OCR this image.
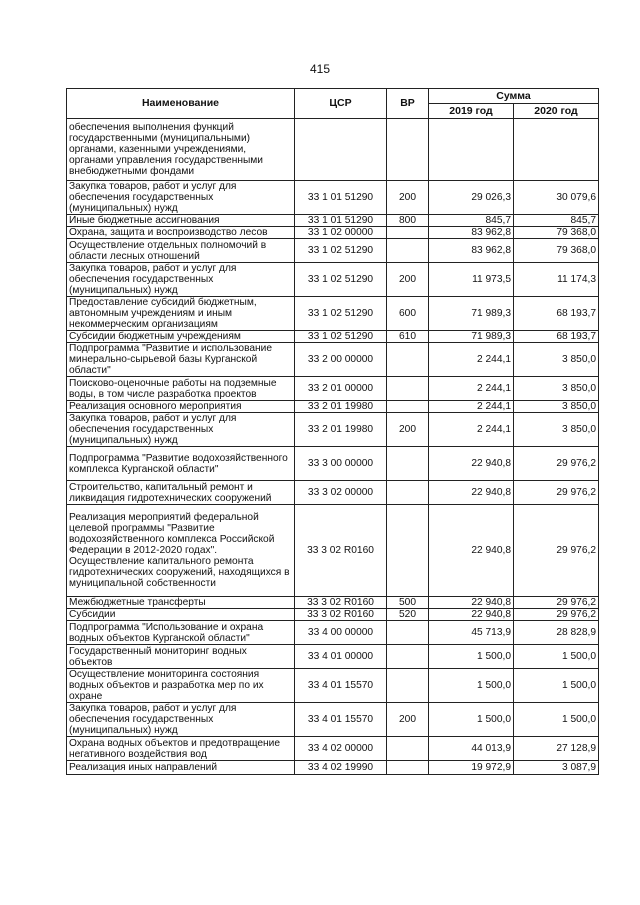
415
Наименование	ЦСР	ВР	Сумма	
			2019 год	2020 год
обеспечения выполнения функций государственными (муниципальными) органами, казенными учреждениями, органами управления государственными внебюджетными фондами				
Закупка товаров, работ и услуг для обеспечения государственных (муниципальных) нужд	33 1 01 51290	200	29 026,3	30 079,6
Иные бюджетные ассигнования	33 1 01 51290	800	845,7	845,7
Охрана, защита и воспроизводство лесов	33 1 02 00000		83 962,8	79 368,0
Осуществление отдельных полномочий в области лесных отношений	33 1 02 51290		83 962,8	79 368,0
Закупка товаров, работ и услуг для обеспечения государственных (муниципальных) нужд	33 1 02 51290	200	11 973,5	11 174,3
Предоставление субсидий бюджетным, автономным учреждениям и иным некоммерческим организациям	33 1 02 51290	600	71 989,3	68 193,7
Субсидии бюджетным учреждениям	33 1 02 51290	610	71 989,3	68 193,7
Подпрограмма "Развитие и использование минерально-сырьевой базы Курганской области"	33 2 00 00000		2 244,1	3 850,0
Поисково-оценочные работы на подземные воды, в том числе разработка проектов	33 2 01 00000		2 244,1	3 850,0
Реализация основного мероприятия	33 2 01 19980		2 244,1	3 850,0
Закупка товаров, работ и услуг для обеспечения государственных (муниципальных) нужд	33 2 01 19980	200	2 244,1	3 850,0
Подпрограмма "Развитие водохозяйственного комплекса Курганской области"	33 3 00 00000		22 940,8	29 976,2
Строительство, капитальный ремонт и ликвидация гидротехнических сооружений	33 3 02 00000		22 940,8	29 976,2
Реализация мероприятий федеральной целевой программы "Развитие водохозяйственного комплекса Российской Федерации в 2012-2020 годах". Осуществление капитального ремонта гидротехнических сооружений, находящихся в муниципальной собственности	33 3 02 R0160		22 940,8	29 976,2
Межбюджетные трансферты	33 3 02 R0160	500	22 940,8	29 976,2
Субсидии	33 3 02 R0160	520	22 940,8	29 976,2
Подпрограмма "Использование и охрана водных объектов Курганской области"	33 4 00 00000		45 713,9	28 828,9
Государственный мониторинг водных объектов	33 4 01 00000		1 500,0	1 500,0
Осуществление мониторинга состояния водных объектов и разработка мер по их охране	33 4 01 15570		1 500,0	1 500,0
Закупка товаров, работ и услуг для обеспечения государственных (муниципальных) нужд	33 4 01 15570	200	1 500,0	1 500,0
Охрана водных объектов и предотвращение негативного воздействия вод	33 4 02 00000		44 013,9	27 128,9
Реализация иных направлений	33 4 02 19990		19 972,9	3 087,9
